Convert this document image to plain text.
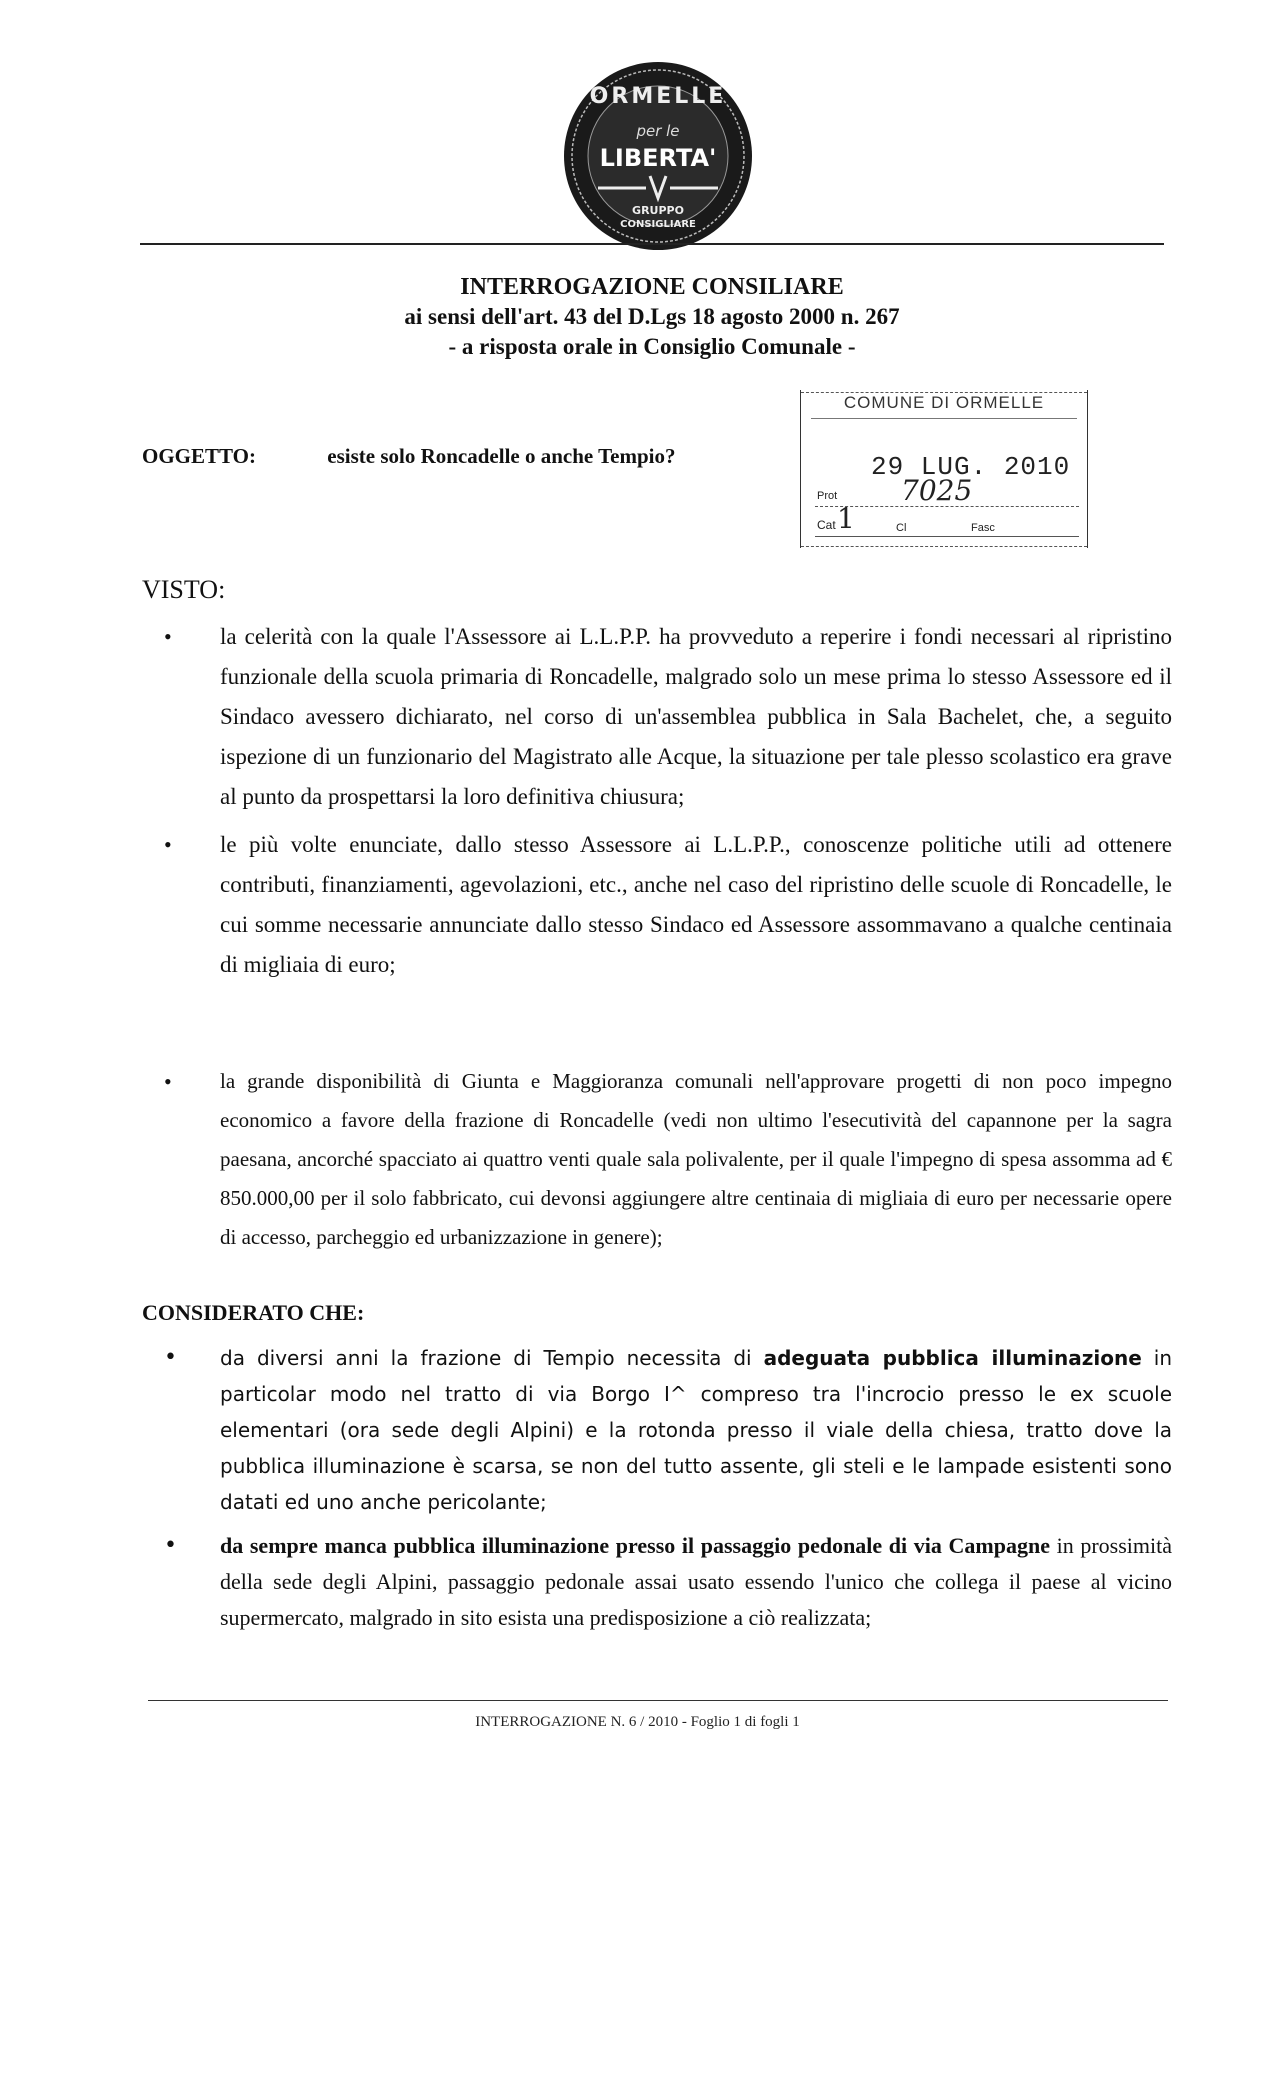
ORMELLE
per le
LIBERTA'
GRUPPO
CONSIGLIARE
INTERROGAZIONE CONSILIARE
ai sensi dell'art. 43 del D.Lgs 18 agosto 2000 n. 267
- a risposta orale in Consiglio Comunale -
COMUNE DI ORMELLE
29 LUG. 2010
Prot 7025
Cat 1	Cl	Fasc
OGGETTO:	esiste solo Roncadelle o anche Tempio?
VISTO:
• la celerità con la quale l'Assessore ai L.L.P.P. ha provveduto a reperire i fondi necessari al ripristino funzionale della scuola primaria di Roncadelle, malgrado solo un mese prima lo stesso Assessore ed il Sindaco avessero dichiarato, nel corso di un'assemblea pubblica in Sala Bachelet, che, a seguito ispezione di un funzionario del Magistrato alle Acque, la situazione per tale plesso scolastico era grave al punto da prospettarsi la loro definitiva chiusura;
• le più volte enunciate, dallo stesso Assessore ai L.L.P.P., conoscenze politiche utili ad ottenere contributi, finanziamenti, agevolazioni, etc., anche nel caso del ripristino delle scuole di Roncadelle, le cui somme necessarie annunciate dallo stesso Sindaco ed Assessore assommavano a qualche centinaia di migliaia di euro;
• la grande disponibilità di Giunta e Maggioranza comunali nell'approvare progetti di non poco impegno economico a favore della frazione di Roncadelle (vedi non ultimo l'esecutività del capannone per la sagra paesana, ancorché spacciato ai quattro venti quale sala polivalente, per il quale l'impegno di spesa assomma ad € 850.000,00 per il solo fabbricato, cui devonsi aggiungere altre centinaia di migliaia di euro per necessarie opere di accesso, parcheggio ed urbanizzazione in genere);
CONSIDERATO CHE:
• da diversi anni la frazione di Tempio necessita di adeguata pubblica illuminazione in particolar modo nel tratto di via Borgo I^ compreso tra l'incrocio presso le ex scuole elementari (ora sede degli Alpini) e la rotonda presso il viale della chiesa, tratto dove la pubblica illuminazione è scarsa, se non del tutto assente, gli steli e le lampade esistenti sono datati ed uno anche pericolante;
• da sempre manca pubblica illuminazione presso il passaggio pedonale di via Campagne in prossimità della sede degli Alpini, passaggio pedonale assai usato essendo l'unico che collega il paese al vicino supermercato, malgrado in sito esista una predisposizione a ciò realizzata;
INTERROGAZIONE N. 6 / 2010 - Foglio 1 di fogli 1
